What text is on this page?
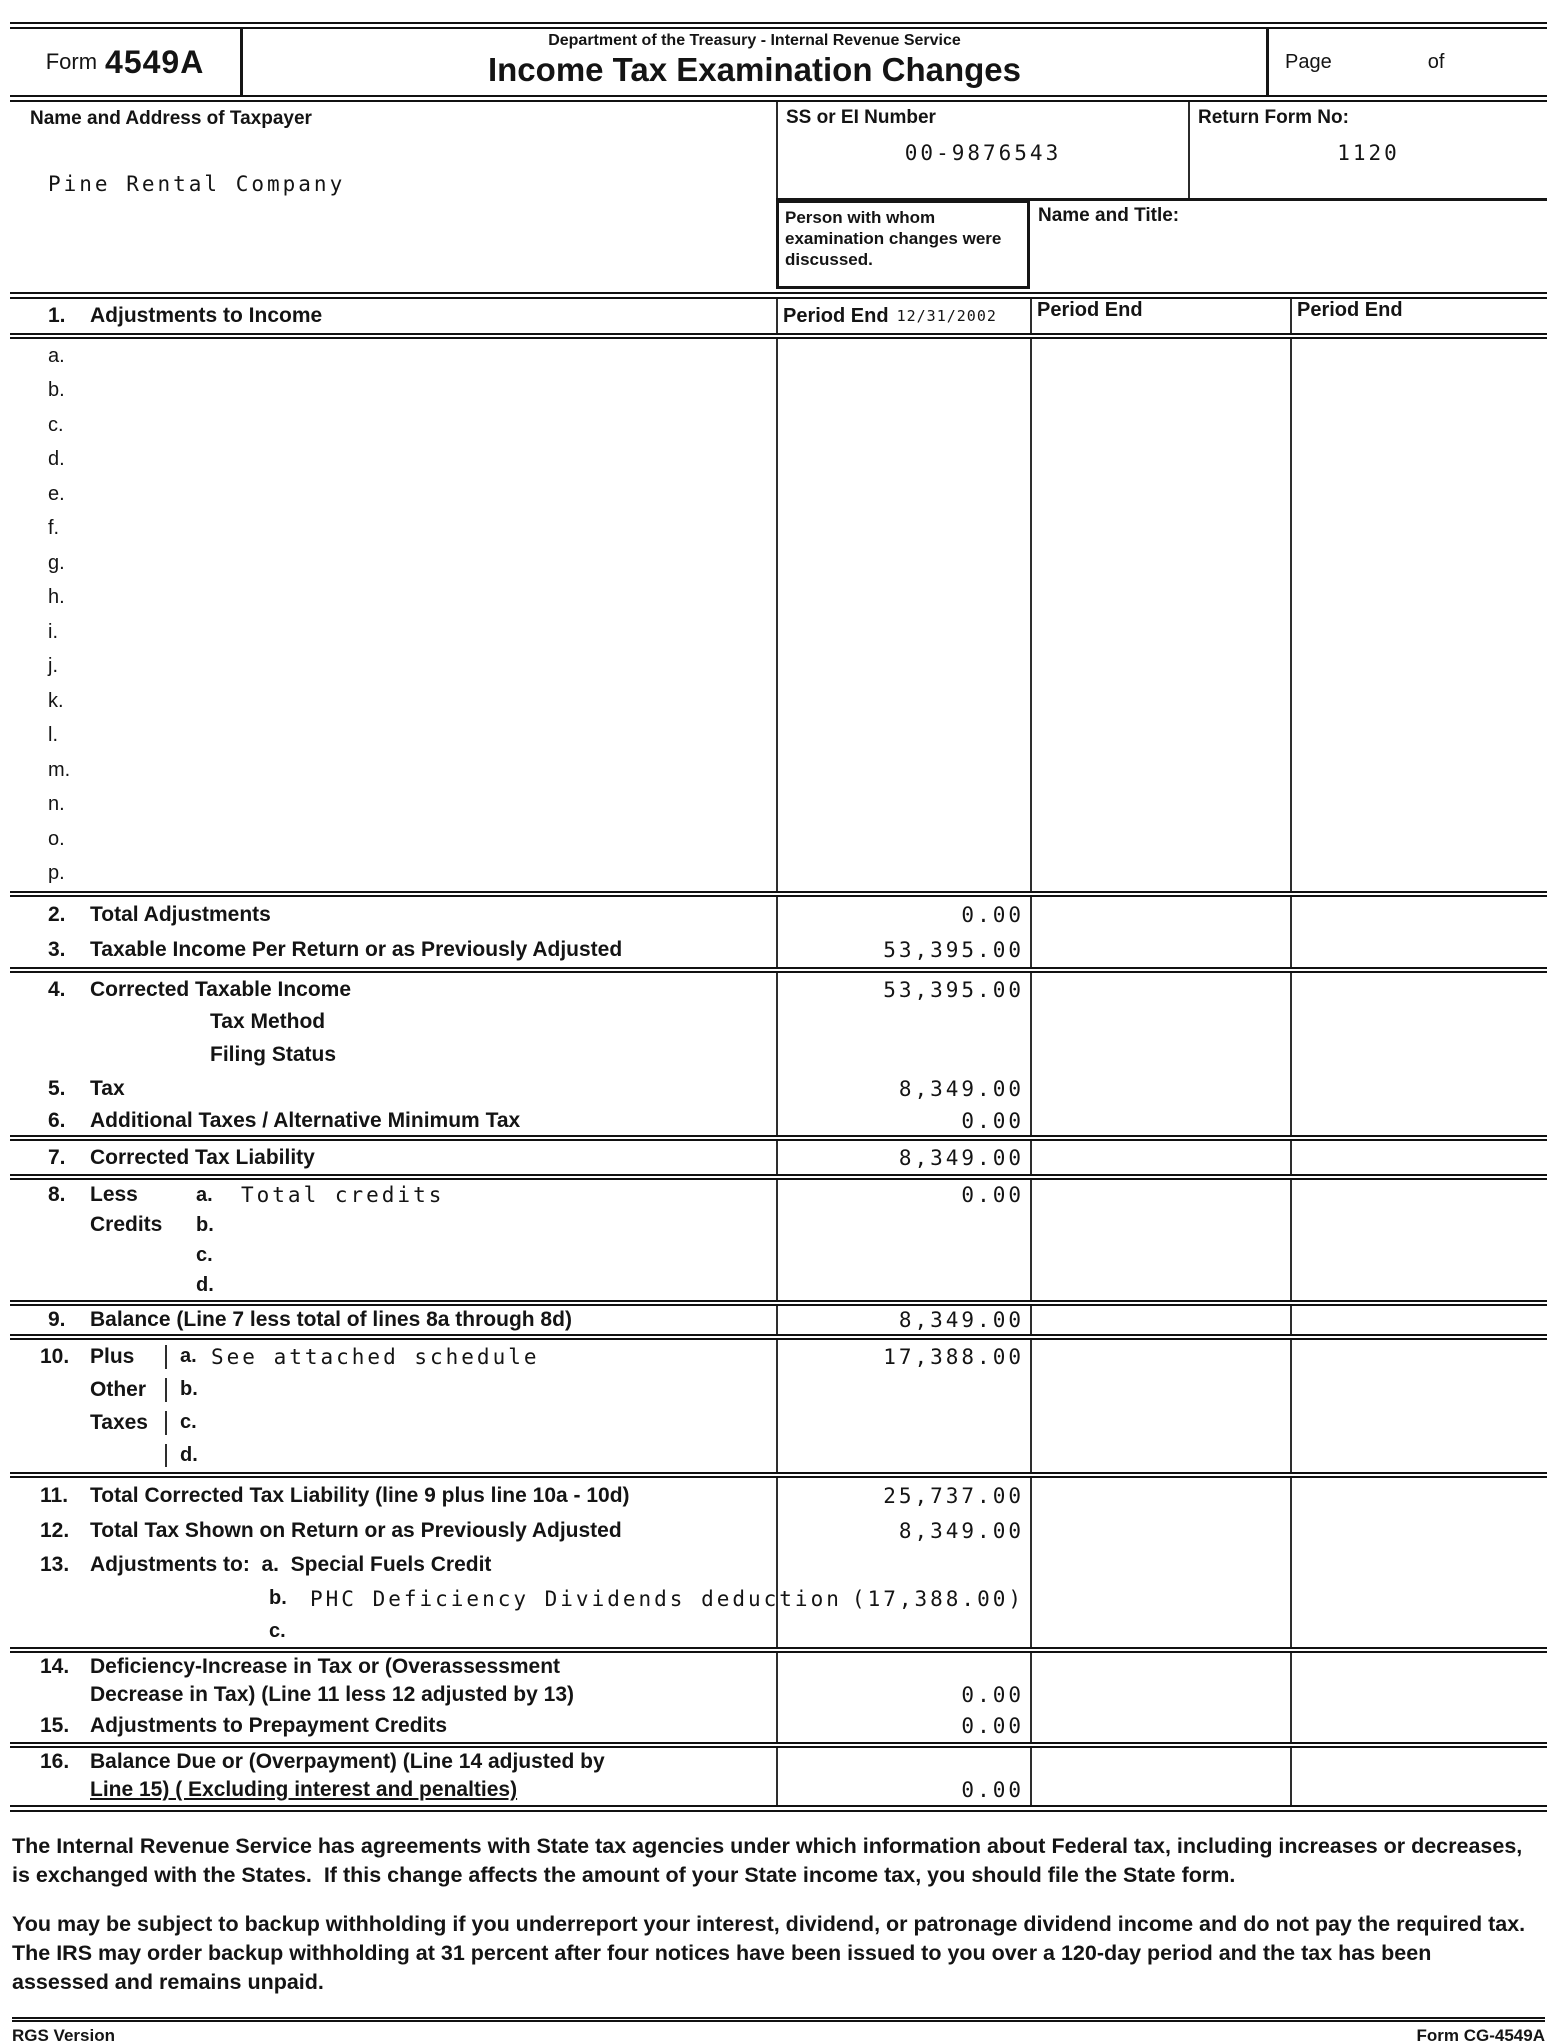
Form 4549A
Department of the Treasury - Internal Revenue Service
Income Tax Examination Changes	Page	of
Name and Address of Taxpayer
Pine Rental Company
SS or EI Number
00-9876543
Return Form No:
1120
Person with whom examination changes were discussed.
Name and Title:
1.	Adjustments to Income	Period End 12/31/2002	Period End	Period End
a.
b.
c.
d.
e.
f.
g.
h.
i.
j.
k.
l.
m.
n.
o.
p.
2.	Total Adjustments	0.00
3.	Taxable Income Per Return or as Previously Adjusted	53,395.00
4.	Corrected Taxable Income	53,395.00
Tax Method
Filing Status
5.	Tax	8,349.00
6.	Additional Taxes / Alternative Minimum Tax	0.00
7.	Corrected Tax Liability	8,349.00
8.	Less	a.	Total credits	0.00
Credits	b.
c.
d.
9.	Balance (Line 7 less total of lines 8a through 8d)	8,349.00
10. Plus	a. See attached schedule	17,388.00
Other	b.
Taxes	c.
d.
11.	Total Corrected Tax Liability (line 9 plus line 10a - 10d)	25,737.00
12. Total Tax Shown on Return or as Previously Adjusted	8,349.00
13. Adjustments to:  a.  Special Fuels Credit
b.	PHC Deficiency Dividends deduction (17,388.00)
c.
14. Deficiency-Increase in Tax or (Overassessment
Decrease in Tax) (Line 11 less 12 adjusted by 13)	0.00
15. Adjustments to Prepayment Credits	0.00
16. Balance Due or (Overpayment) (Line 14 adjusted by
Line 15) ( Excluding interest and penalties)	0.00
The Internal Revenue Service has agreements with State tax agencies under which information about Federal tax, including increases or decreases, is exchanged with the States.  If this change affects the amount of your State income tax, you should file the State form.
You may be subject to backup withholding if you underreport your interest, dividend, or patronage dividend income and do not pay the required tax.  The IRS may order backup withholding at 31 percent after four notices have been issued to you over a 120-day period and the tax has been assessed and remains unpaid.
RGS Version	Form CG-4549A
